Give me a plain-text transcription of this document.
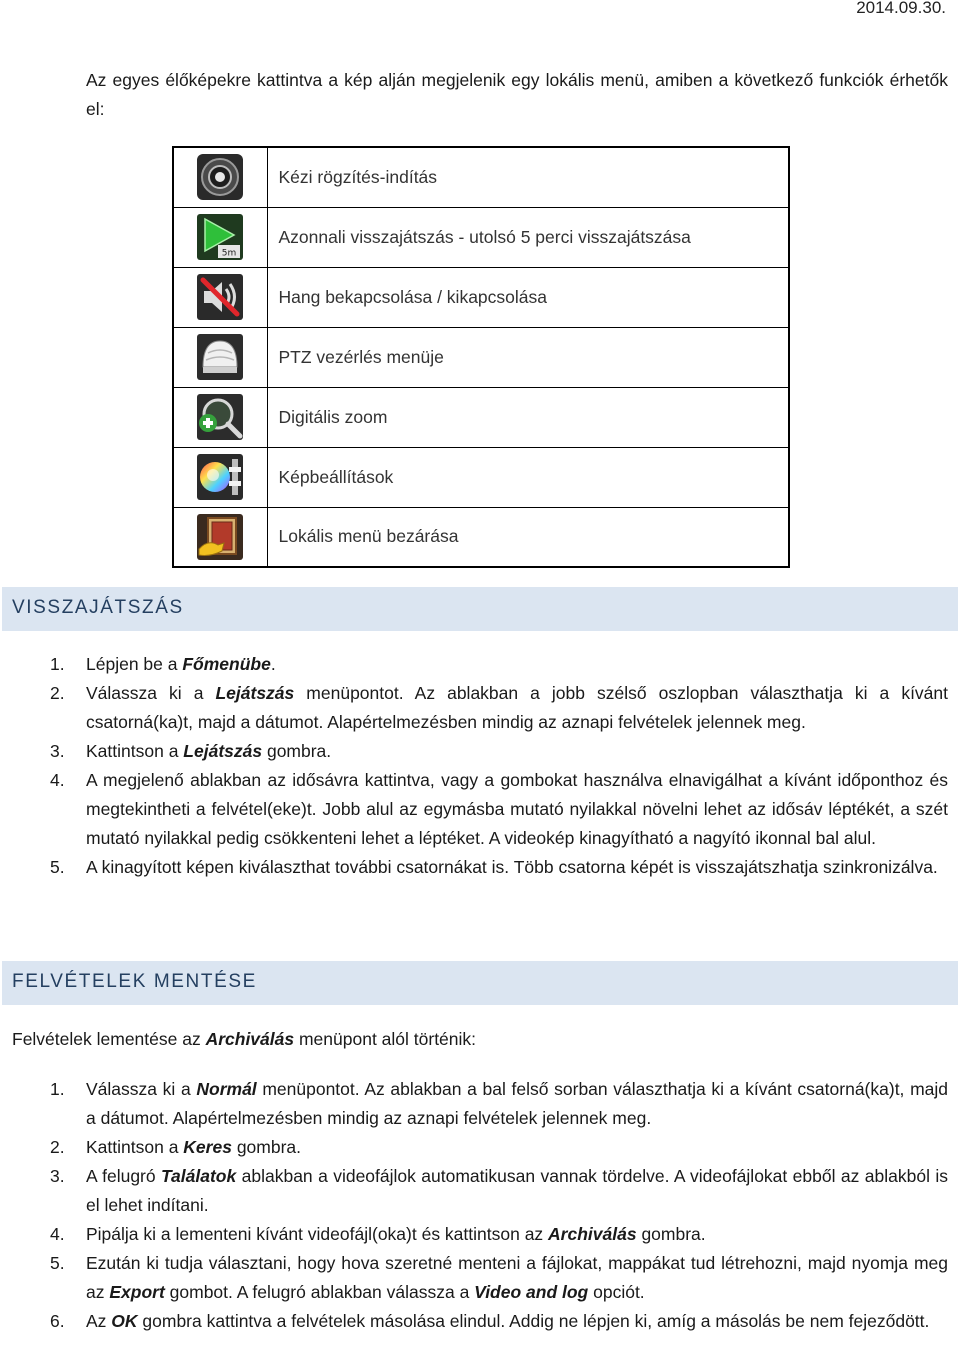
2014.09.30.

Az egyes élőképekre kattintva a kép alján megjelenik egy lokális menü, amiben a következő funkciók érhetők el:

	Kézi rögzítés-indítás

5m	Azonnali visszajátszás - utolsó 5 perci visszajátszása
	Hang bekapcsolása / kikapcsolása
	PTZ vezérlés menüje
	Digitális zoom
	Képbeállítások
	Lokális menü bezárása
VISSZAJÁTSZÁS
1. Lépjen be a Főmenübe.
2. Válassza ki a Lejátszás menüpontot. Az ablakban a jobb szélső oszlopban választhatja ki a kívánt csatorná(ka)t, majd a dátumot. Alapértelmezésben mindig az aznapi felvételek jelennek meg.
3. Kattintson a Lejátszás gombra.
4. A megjelenő ablakban az idősávra kattintva, vagy a gombokat használva elnavigálhat a kívánt időponthoz és megtekintheti a felvétel(eke)t. Jobb alul az egymásba mutató nyilakkal növelni lehet az idősáv léptékét, a szét mutató nyilakkal pedig csökkenteni lehet a léptéket. A videokép kinagyítható a nagyító ikonnal bal alul.
5. A kinagyított képen kiválaszthat további csatornákat is. Több csatorna képét is visszajátszhatja szinkronizálva.
FELVÉTELEK MENTÉSE

Felvételek lementése az Archiválás menüpont alól történik:

1. Válassza ki a Normál menüpontot. Az ablakban a bal felső sorban választhatja ki a kívánt csatorná(ka)t, majd a dátumot. Alapértelmezésben mindig az aznapi felvételek jelennek meg.
2. Kattintson a Keres gombra.
3. A felugró Találatok ablakban a videofájlok automatikusan vannak tördelve. A videofájlokat ebből az ablakból is el lehet indítani.
4. Pipálja ki a lementeni kívánt videofájl(oka)t és kattintson az Archiválás gombra.
5. Ezután ki tudja választani, hogy hova szeretné menteni a fájlokat, mappákat tud létrehozni, majd nyomja meg az Export gombot. A felugró ablakban válassza a Video and log opciót.
6. Az OK gombra kattintva a felvételek másolása elindul. Addig ne lépjen ki, amíg a másolás be nem fejeződött.
